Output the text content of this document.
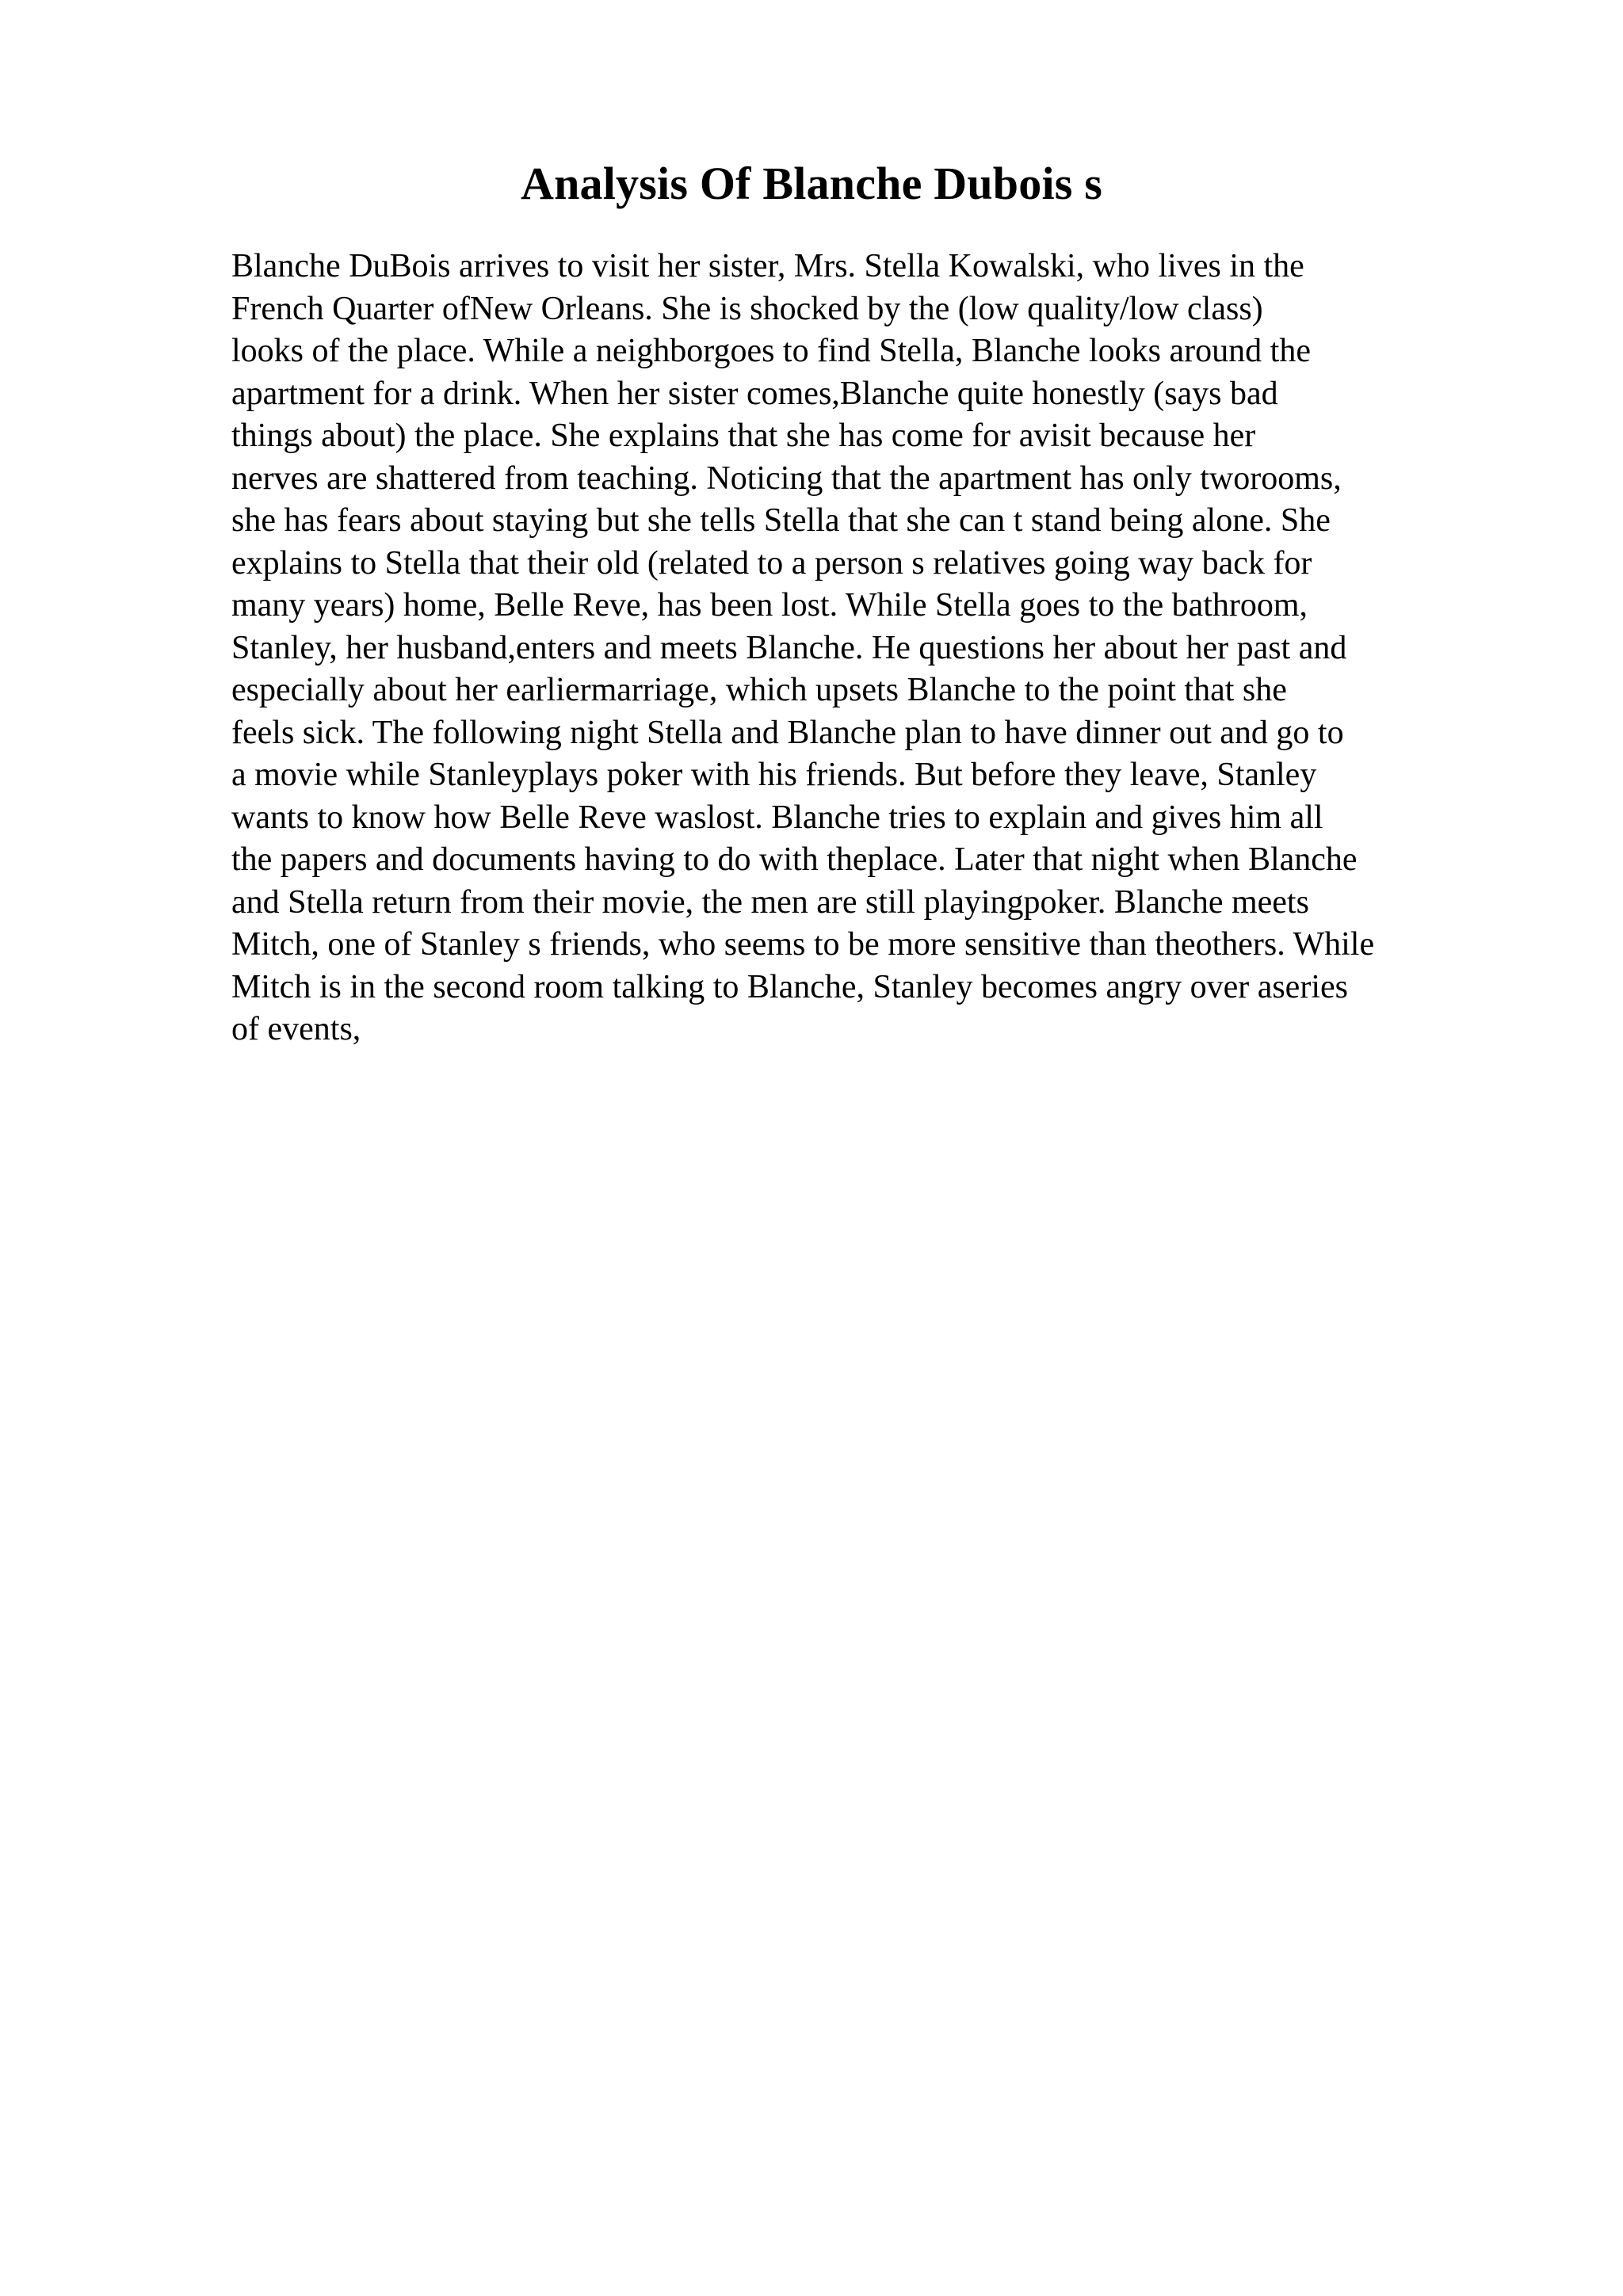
Analysis Of Blanche Dubois s
Blanche DuBois arrives to visit her sister, Mrs. Stella Kowalski, who lives in the
French Quarter ofNew Orleans. She is shocked by the (low quality/low class)
looks of the place. While a neighborgoes to find Stella, Blanche looks around the
apartment for a drink. When her sister comes,Blanche quite honestly (says bad
things about) the place. She explains that she has come for avisit because her
nerves are shattered from teaching. Noticing that the apartment has only tworooms,
she has fears about staying but she tells Stella that she can t stand being alone. She
explains to Stella that their old (related to a person s relatives going way back for
many years) home, Belle Reve, has been lost. While Stella goes to the bathroom,
Stanley, her husband,enters and meets Blanche. He questions her about her past and
especially about her earliermarriage, which upsets Blanche to the point that she
feels sick. The following night Stella and Blanche plan to have dinner out and go to
a movie while Stanleyplays poker with his friends. But before they leave, Stanley
wants to know how Belle Reve waslost. Blanche tries to explain and gives him all
the papers and documents having to do with theplace. Later that night when Blanche
and Stella return from their movie, the men are still playingpoker. Blanche meets
Mitch, one of Stanley s friends, who seems to be more sensitive than theothers. While
Mitch is in the second room talking to Blanche, Stanley becomes angry over aseries
of events,
